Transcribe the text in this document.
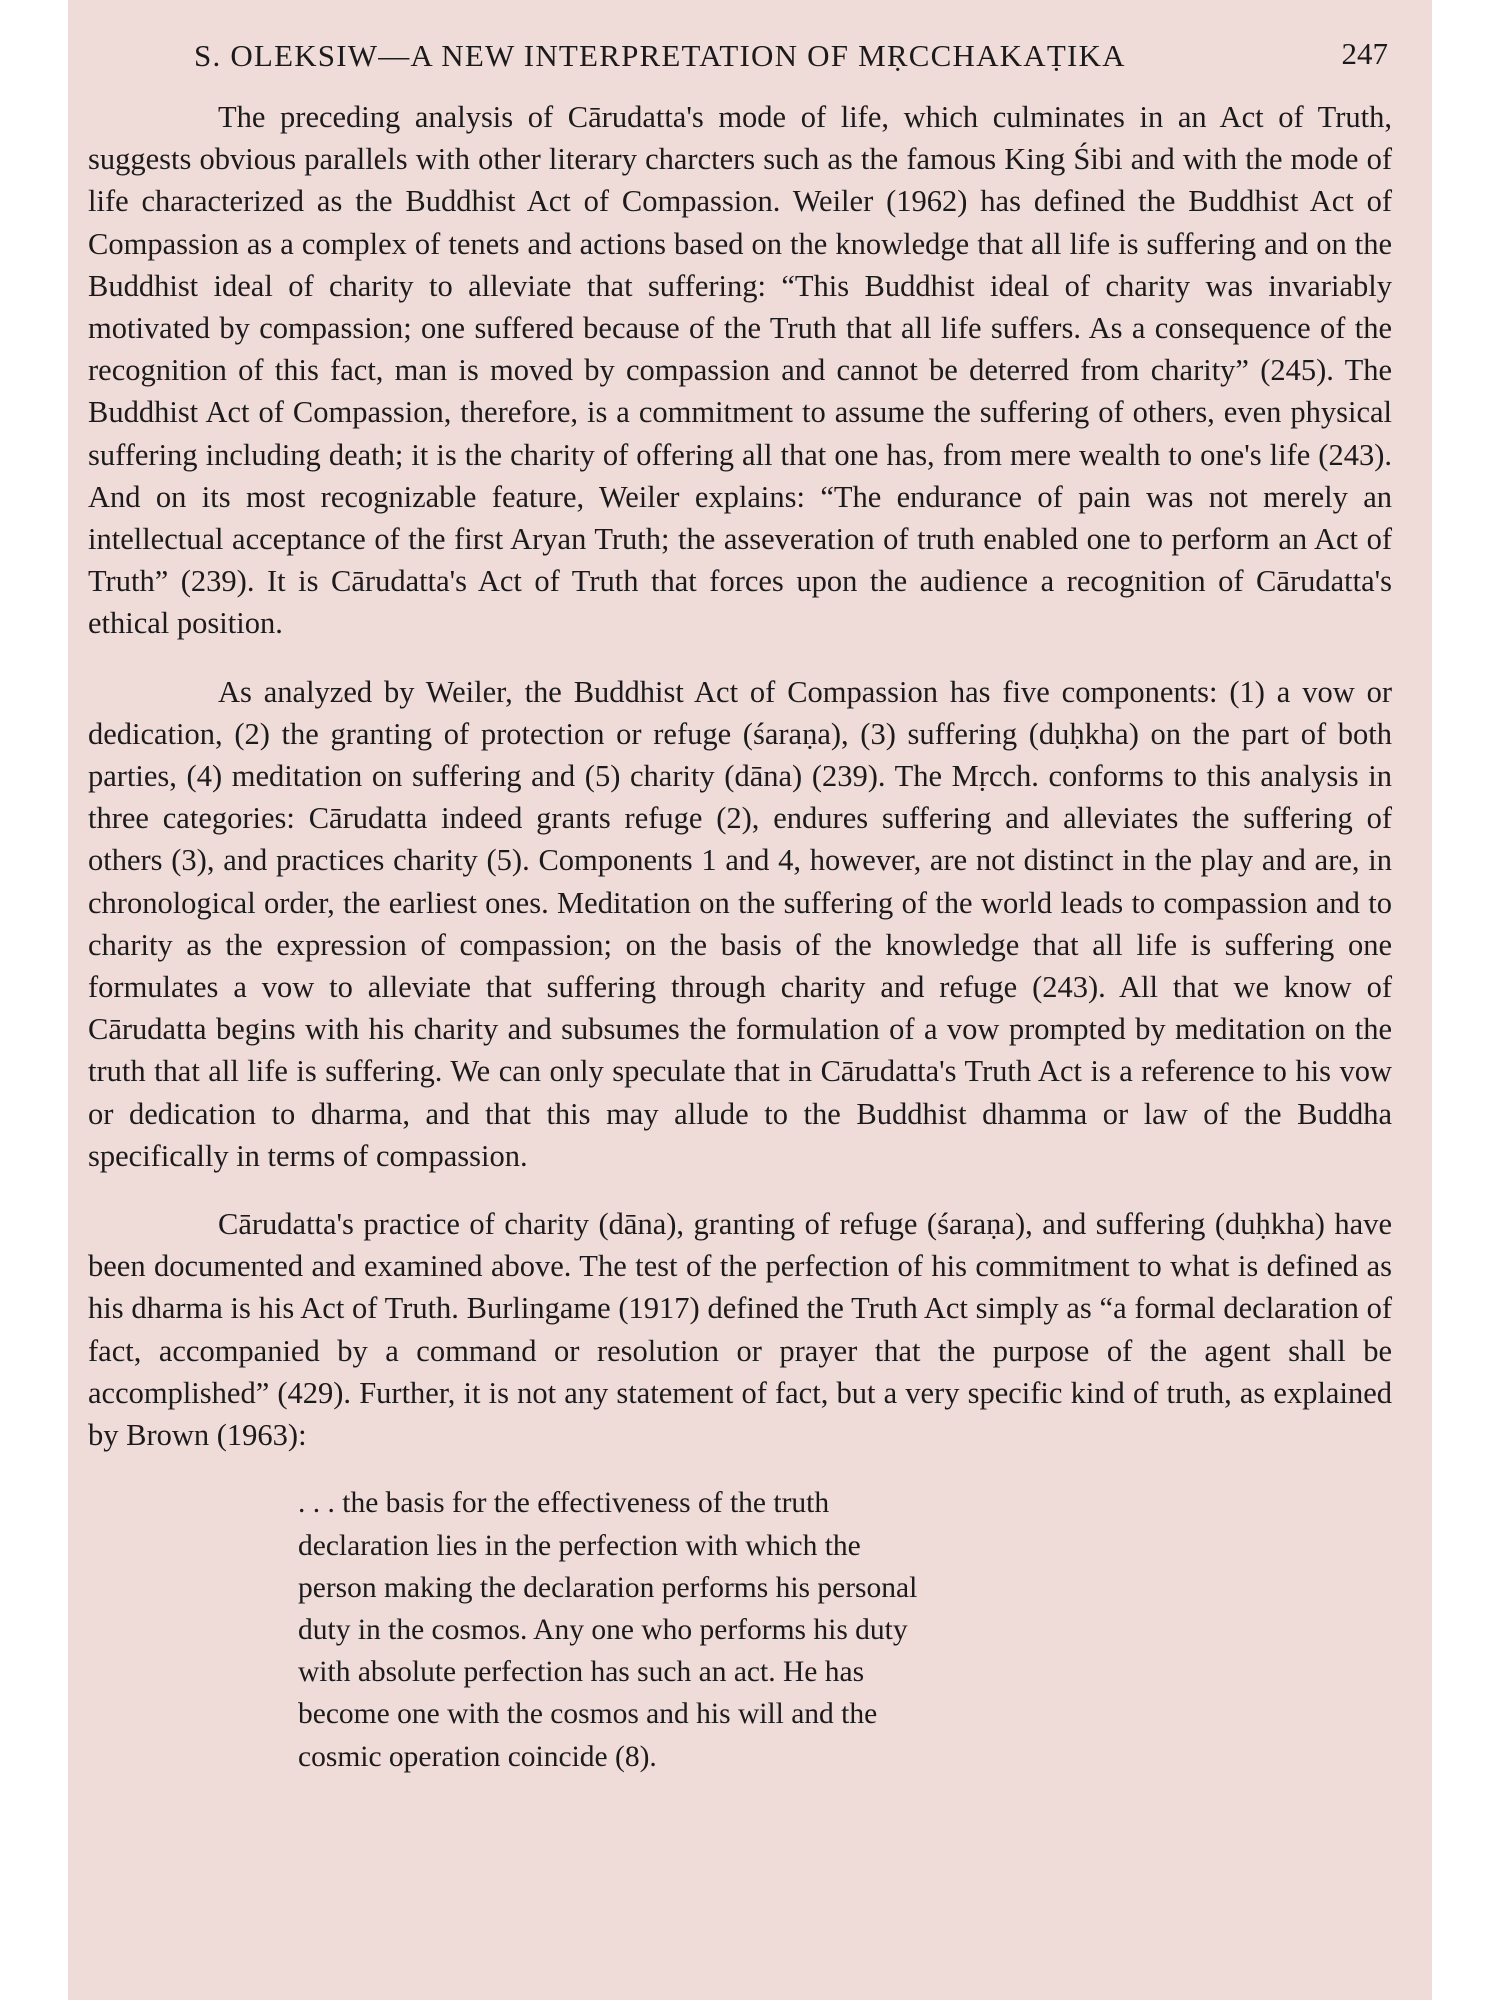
S. OLEKSIW—A NEW INTERPRETATION OF MṚCCHAKAṬIKA	247

The preceding analysis of Cārudatta's mode of life, which culminates in an Act of Truth, suggests obvious parallels with other literary charcters such as the famous King Śibi and with the mode of life characterized as the Buddhist Act of Compassion. Weiler (1962) has defined the Buddhist Act of Compassion as a complex of tenets and actions based on the knowledge that all life is suffering and on the Buddhist ideal of charity to alleviate that suffering: “This Buddhist ideal of charity was invariably motivated by compassion; one suffered because of the Truth that all life suffers. As a consequence of the recognition of this fact, man is moved by compassion and cannot be deterred from charity” (245). The Buddhist Act of Compassion, therefore, is a commitment to assume the suffering of others, even physical suffering including death; it is the charity of offering all that one has, from mere wealth to one's life (243). And on its most recognizable feature, Weiler explains: “The endurance of pain was not merely an intellectual acceptance of the first Aryan Truth; the asseveration of truth enabled one to perform an Act of Truth” (239). It is Cārudatta's Act of Truth that forces upon the audience a recognition of Cārudatta's ethical position.

As analyzed by Weiler, the Buddhist Act of Compassion has five components: (1) a vow or dedication, (2) the granting of protection or refuge (śaraṇa), (3) suffering (duḥkha) on the part of both parties, (4) meditation on suffering and (5) charity (dāna) (239). The Mṛcch. conforms to this analysis in three categories: Cārudatta indeed grants refuge (2), endures suffering and alleviates the suffering of others (3), and practices charity (5). Components 1 and 4, however, are not distinct in the play and are, in chronological order, the earliest ones. Meditation on the suffering of the world leads to compassion and to charity as the expression of compassion; on the basis of the knowledge that all life is suffering one formulates a vow to alleviate that suffering through charity and refuge (243). All that we know of Cārudatta begins with his charity and subsumes the formulation of a vow prompted by meditation on the truth that all life is suffering. We can only speculate that in Cārudatta's Truth Act is a reference to his vow or dedication to dharma, and that this may allude to the Buddhist dhamma or law of the Buddha specifically in terms of compassion.

Cārudatta's practice of charity (dāna), granting of refuge (śaraṇa), and suffering (duḥkha) have been documented and examined above. The test of the perfection of his commitment to what is defined as his dharma is his Act of Truth. Burlingame (1917) defined the Truth Act simply as “a formal declaration of fact, accompanied by a command or resolution or prayer that the purpose of the agent shall be accomplished” (429). Further, it is not any statement of fact, but a very specific kind of truth, as explained by Brown (1963):

. . . the basis for the effectiveness of the truth
declaration lies in the perfection with which the
person making the declaration performs his personal
duty in the cosmos. Any one who performs his duty
with absolute perfection has such an act. He has
become one with the cosmos and his will and the
cosmic operation coincide (8).
